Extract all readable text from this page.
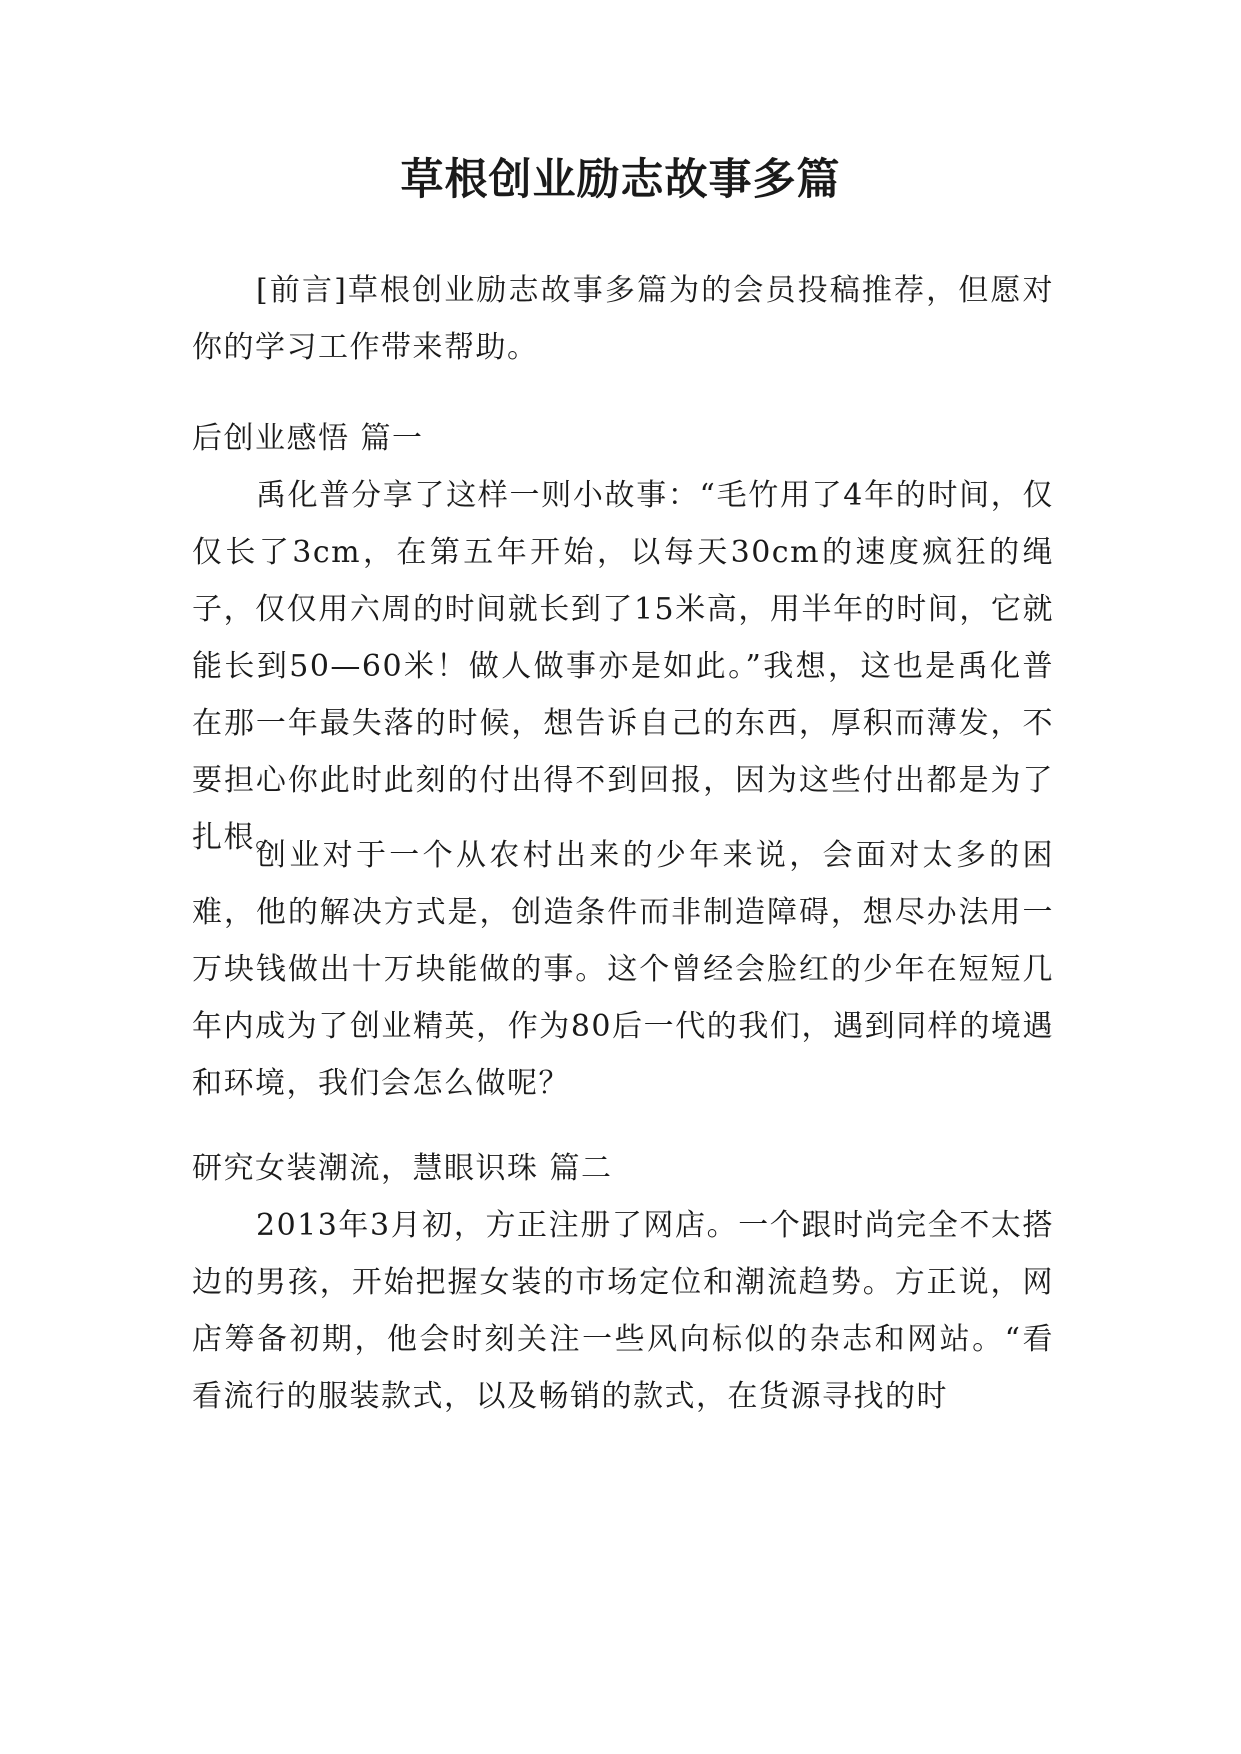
草根创业励志故事多篇

[前言]草根创业励志故事多篇为的会员投稿推荐，但愿对你的学习工作带来帮助。

后创业感悟 篇一

禹化普分享了这样一则小故事：“毛竹用了4年的时间，仅仅长了3cm，在第五年开始，以每天30cm的速度疯狂的绳子，仅仅用六周的时间就长到了15米高，用半年的时间，它就能长到50—60米！做人做事亦是如此。”我想，这也是禹化普在那一年最失落的时候，想告诉自己的东西，厚积而薄发，不要担心你此时此刻的付出得不到回报，因为这些付出都是为了扎根。

创业对于一个从农村出来的少年来说，会面对太多的困难，他的解决方式是，创造条件而非制造障碍，想尽办法用一万块钱做出十万块能做的事。这个曾经会脸红的少年在短短几年内成为了创业精英，作为80后一代的我们，遇到同样的境遇和环境，我们会怎么做呢？

研究女装潮流，慧眼识珠 篇二

2013年3月初，方正注册了网店。一个跟时尚完全不太搭边的男孩，开始把握女装的市场定位和潮流趋势。方正说，网店筹备初期，他会时刻关注一些风向标似的杂志和网站。“看看流行的服装款式，以及畅销的款式，在货源寻找的时
